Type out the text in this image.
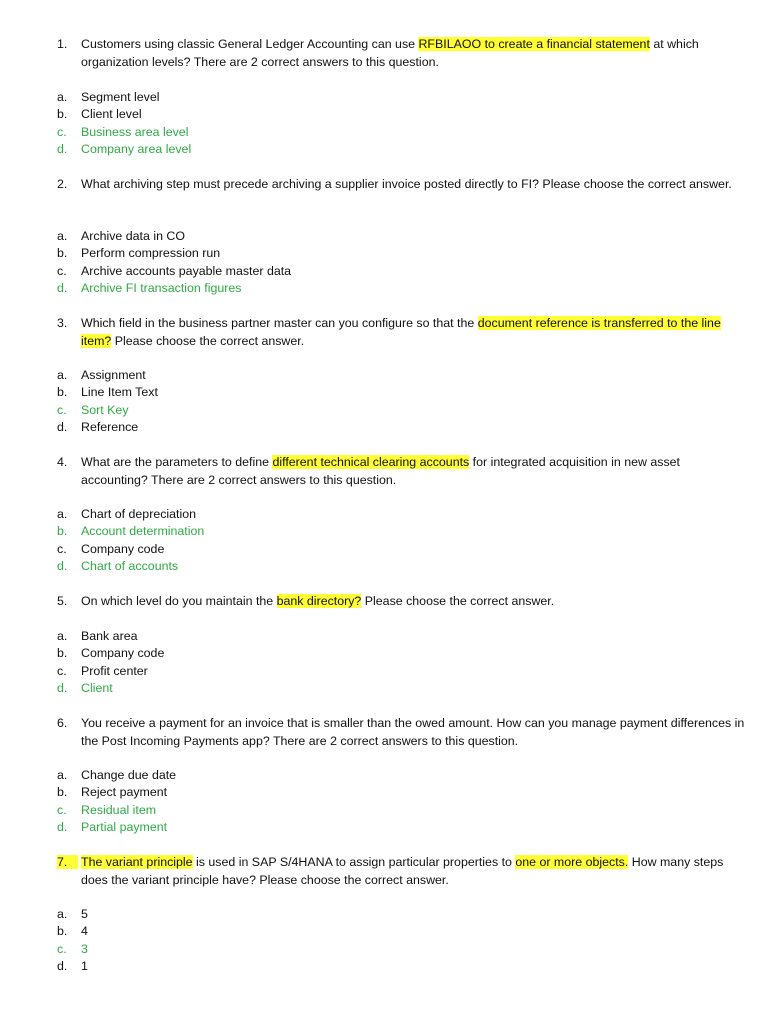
1. Customers using classic General Ledger Accounting can use RFBILAOO to create a financial statement at which organization levels? There are 2 correct answers to this question.
a. Segment level
b. Client level
c. Business area level
d. Company area level
2. What archiving step must precede archiving a supplier invoice posted directly to FI? Please choose the correct answer.
a. Archive data in CO
b. Perform compression run
c. Archive accounts payable master data
d. Archive FI transaction figures
3. Which field in the business partner master can you configure so that the document reference is transferred to the line item? Please choose the correct answer.
a. Assignment
b. Line Item Text
c. Sort Key
d. Reference
4. What are the parameters to define different technical clearing accounts for integrated acquisition in new asset accounting? There are 2 correct answers to this question.
a. Chart of depreciation
b. Account determination
c. Company code
d. Chart of accounts
5. On which level do you maintain the bank directory? Please choose the correct answer.
a. Bank area
b. Company code
c. Profit center
d. Client
6. You receive a payment for an invoice that is smaller than the owed amount. How can you manage payment differences in the Post Incoming Payments app? There are 2 correct answers to this question.
a. Change due date
b. Reject payment
c. Residual item
d. Partial payment
7.	The variant principle is used in SAP S/4HANA to assign particular properties to one or more objects. How many steps does the variant principle have? Please choose the correct answer.
a. 5
b. 4
c. 3
d. 1
